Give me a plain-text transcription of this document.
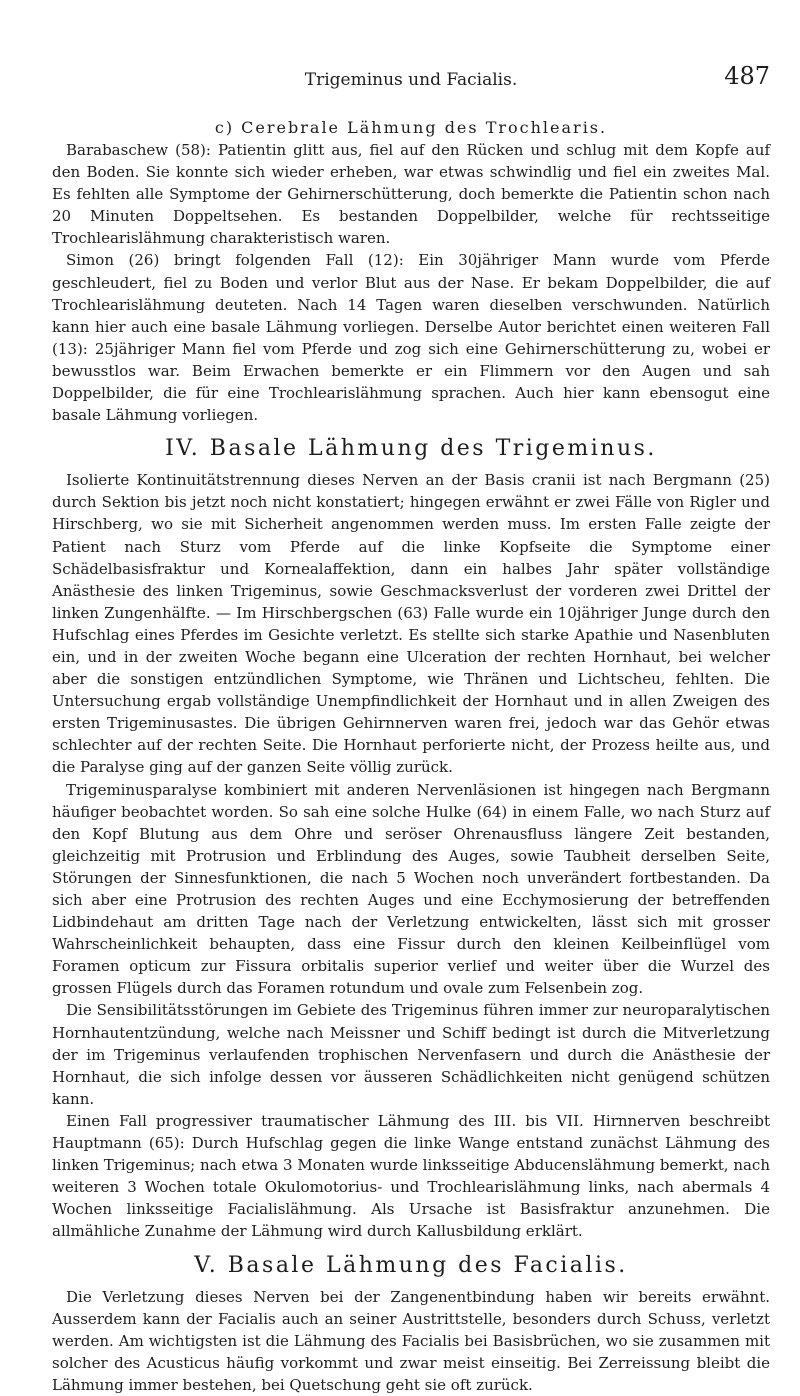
Trigeminus und Facialis.	487
c) Cerebrale Lähmung des Trochlearis.

Barabaschew (58): Patientin glitt aus, fiel auf den Rücken und schlug mit dem Kopfe auf den Boden. Sie konnte sich wieder erheben, war etwas schwindlig und fiel ein zweites Mal. Es fehlten alle Symptome der Gehirnerschütterung, doch bemerkte die Patientin schon nach 20 Minuten Doppeltsehen. Es bestanden Doppelbilder, welche für rechtsseitige Trochlearislähmung charakteristisch waren.

Simon (26) bringt folgenden Fall (12): Ein 30jähriger Mann wurde vom Pferde geschleudert, fiel zu Boden und verlor Blut aus der Nase. Er bekam Doppelbilder, die auf Trochlearislähmung deuteten. Nach 14 Tagen waren dieselben verschwunden. Natürlich kann hier auch eine basale Lähmung vorliegen. Derselbe Autor berichtet einen weiteren Fall (13): 25jähriger Mann fiel vom Pferde und zog sich eine Gehirnerschütterung zu, wobei er bewusstlos war. Beim Erwachen bemerkte er ein Flimmern vor den Augen und sah Doppelbilder, die für eine Trochlearislähmung sprachen. Auch hier kann ebensogut eine basale Lähmung vorliegen.

IV. Basale Lähmung des Trigeminus.

Isolierte Kontinuitätstrennung dieses Nerven an der Basis cranii ist nach Bergmann (25) durch Sektion bis jetzt noch nicht konstatiert; hingegen erwähnt er zwei Fälle von Rigler und Hirschberg, wo sie mit Sicherheit angenommen werden muss. Im ersten Falle zeigte der Patient nach Sturz vom Pferde auf die linke Kopfseite die Symptome einer Schädelbasisfraktur und Kornealaffektion, dann ein halbes Jahr später vollständige Anästhesie des linken Trigeminus, sowie Geschmacksverlust der vorderen zwei Drittel der linken Zungenhälfte. — Im Hirschbergschen (63) Falle wurde ein 10jähriger Junge durch den Hufschlag eines Pferdes im Gesichte verletzt. Es stellte sich starke Apathie und Nasenbluten ein, und in der zweiten Woche begann eine Ulceration der rechten Hornhaut, bei welcher aber die sonstigen entzündlichen Symptome, wie Thränen und Lichtscheu, fehlten. Die Untersuchung ergab vollständige Unempfindlichkeit der Hornhaut und in allen Zweigen des ersten Trigeminusastes. Die übrigen Gehirnnerven waren frei, jedoch war das Gehör etwas schlechter auf der rechten Seite. Die Hornhaut perforierte nicht, der Prozess heilte aus, und die Paralyse ging auf der ganzen Seite völlig zurück.

Trigeminusparalyse kombiniert mit anderen Nervenläsionen ist hingegen nach Bergmann häufiger beobachtet worden. So sah eine solche Hulke (64) in einem Falle, wo nach Sturz auf den Kopf Blutung aus dem Ohre und seröser Ohrenausfluss längere Zeit bestanden, gleichzeitig mit Protrusion und Erblindung des Auges, sowie Taubheit derselben Seite, Störungen der Sinnesfunktionen, die nach 5 Wochen noch unverändert fortbestanden. Da sich aber eine Protrusion des rechten Auges und eine Ecchymosierung der betreffenden Lidbindehaut am dritten Tage nach der Verletzung entwickelten, lässt sich mit grosser Wahrscheinlichkeit behaupten, dass eine Fissur durch den kleinen Keilbeinflügel vom Foramen opticum zur Fissura orbitalis superior verlief und weiter über die Wurzel des grossen Flügels durch das Foramen rotundum und ovale zum Felsenbein zog.

Die Sensibilitätsstörungen im Gebiete des Trigeminus führen immer zur neuroparalytischen Hornhautentzündung, welche nach Meissner und Schiff bedingt ist durch die Mitverletzung der im Trigeminus verlaufenden trophischen Nervenfasern und durch die Anästhesie der Hornhaut, die sich infolge dessen vor äusseren Schädlichkeiten nicht genügend schützen kann.

Einen Fall progressiver traumatischer Lähmung des III. bis VII. Hirnnerven beschreibt Hauptmann (65): Durch Hufschlag gegen die linke Wange entstand zunächst Lähmung des linken Trigeminus; nach etwa 3 Monaten wurde linksseitige Abducenslähmung bemerkt, nach weiteren 3 Wochen totale Okulomotorius- und Trochlearislähmung links, nach abermals 4 Wochen linksseitige Facialislähmung. Als Ursache ist Basisfraktur anzunehmen. Die allmähliche Zunahme der Lähmung wird durch Kallusbildung erklärt.

V. Basale Lähmung des Facialis.

Die Verletzung dieses Nerven bei der Zangenentbindung haben wir bereits erwähnt. Ausserdem kann der Facialis auch an seiner Austrittstelle, besonders durch Schuss, verletzt werden. Am wichtigsten ist die Lähmung des Facialis bei Basisbrüchen, wo sie zusammen mit solcher des Acusticus häufig vorkommt und zwar meist einseitig. Bei Zerreissung bleibt die Lähmung immer bestehen, bei Quetschung geht sie oft zurück.
